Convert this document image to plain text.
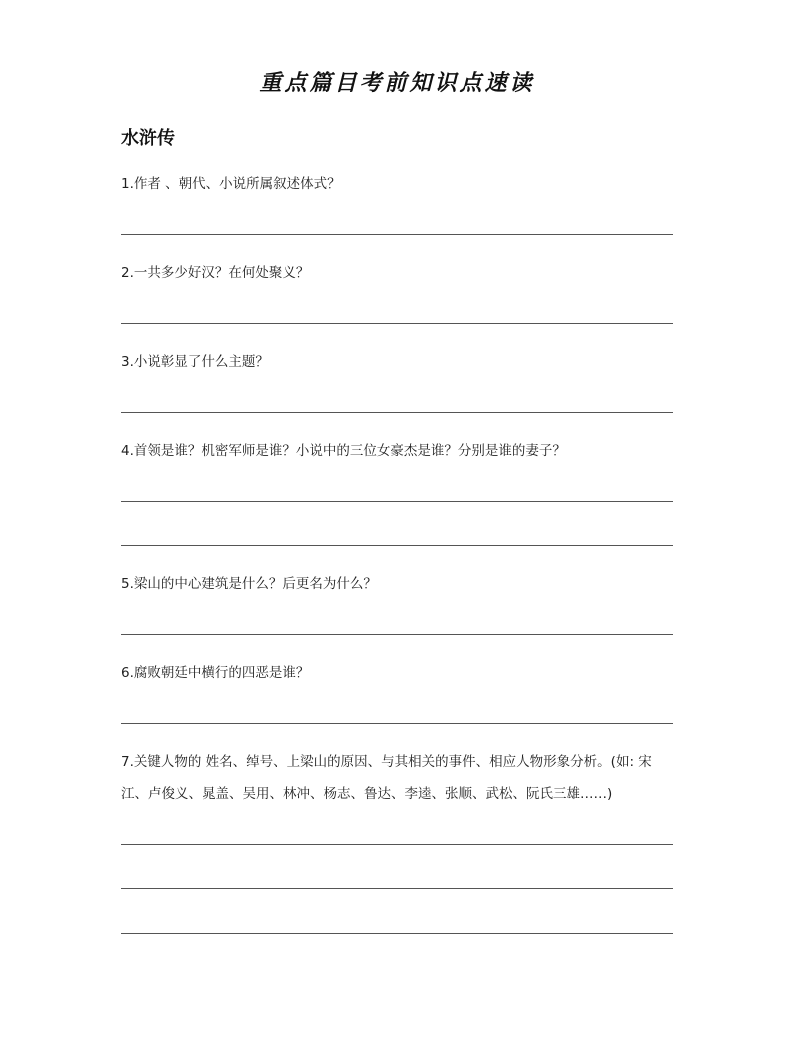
重点篇目考前知识点速读
水浒传
1.作者 、朝代、小说所属叙述体式？
2.一共多少好汉？在何处聚义？
3.小说彰显了什么主题？
4.首领是谁？机密军师是谁？小说中的三位女豪杰是谁？分别是谁的妻子？
5.梁山的中心建筑是什么？后更名为什么？
6.腐败朝廷中横行的四恶是谁？
7.关键人物的 姓名、绰号、上梁山的原因、与其相关的事件、相应人物形象分析。(如: 宋江、卢俊义、晁盖、吴用、林冲、杨志、鲁达、李逵、张顺、武松、阮氏三雄……)
